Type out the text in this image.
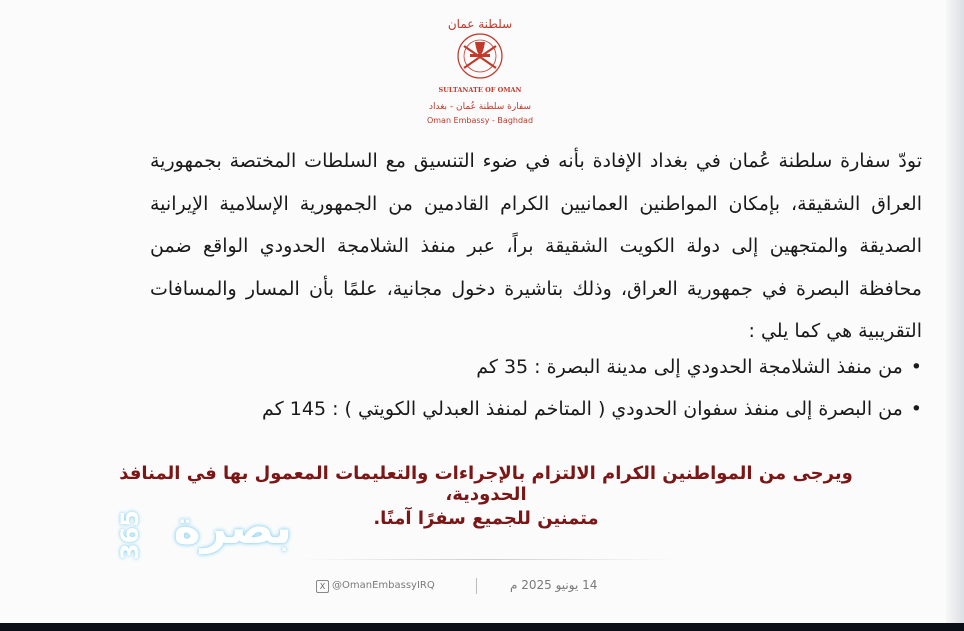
سلطنة عمان
SULTANATE OF OMAN
سفارة سلطنة عُمان - بغداد
Oman Embassy - Baghdad
تودّ سفارة سلطنة عُمان في بغداد الإفادة بأنه في ضوء التنسيق مع السلطات المختصة بجمهورية العراق الشقيقة، بإمكان المواطنين العمانيين الكرام القادمين من الجمهورية الإسلامية الإيرانية الصديقة والمتجهين إلى دولة الكويت الشقيقة براً، عبر منفذ الشلامجة الحدودي الواقع ضمن محافظة البصرة في جمهورية العراق، وذلك بتاشيرة دخول مجانية، علمًا بأن المسار والمسافات التقريبية هي كما يلي :
•من منفذ الشلامجة الحدودي إلى مدينة البصرة : 35 كم
•من البصرة إلى منفذ سفوان الحدودي ( المتاخم لمنفذ العبدلي الكويتي ) : 145 كم
ويرجى من المواطنين الكرام الالتزام بالإجراءات والتعليمات المعمول بها في المنافذ الحدودية،
متمنين للجميع سفرًا آمنًا.
365 بصرة
X @OmanEmbassyIRQ	14 يونيو 2025 م
